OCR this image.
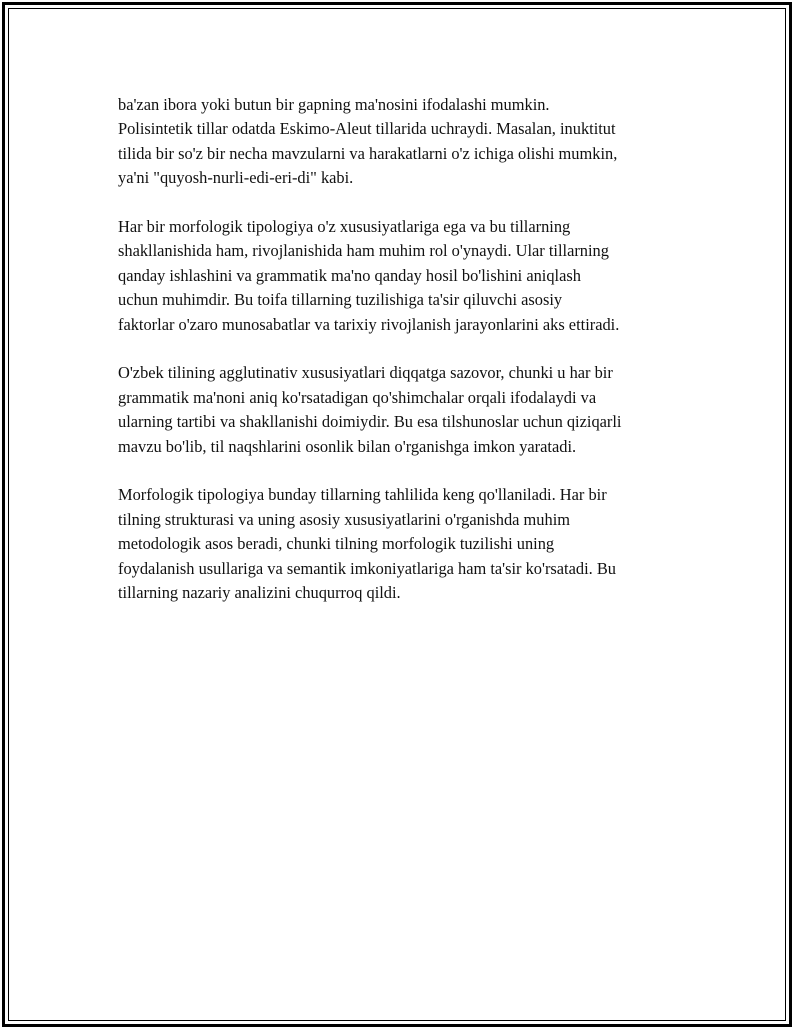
ba'zan ibora yoki butun bir gapning ma'nosini ifodalashi mumkin.
Polisintetik tillar odatda Eskimo-Aleut tillarida uchraydi. Masalan, inuktitut
tilida bir so'z bir necha mavzularni va harakatlarni o'z ichiga olishi mumkin,
ya'ni "quyosh-nurli-edi-eri-di" kabi.

Har bir morfologik tipologiya o'z xususiyatlariga ega va bu tillarning
shakllanishida ham, rivojlanishida ham muhim rol o'ynaydi. Ular tillarning
qanday ishlashini va grammatik ma'no qanday hosil bo'lishini aniqlash
uchun muhimdir. Bu toifa tillarning tuzilishiga ta'sir qiluvchi asosiy
faktorlar o'zaro munosabatlar va tarixiy rivojlanish jarayonlarini aks ettiradi.

O'zbek tilining agglutinativ xususiyatlari diqqatga sazovor, chunki u har bir
grammatik ma'noni aniq ko'rsatadigan qo'shimchalar orqali ifodalaydi va
ularning tartibi va shakllanishi doimiydir. Bu esa tilshunoslar uchun qiziqarli
mavzu bo'lib, til naqshlarini osonlik bilan o'rganishga imkon yaratadi.

Morfologik tipologiya bunday tillarning tahlilida keng qo'llaniladi. Har bir
tilning strukturasi va uning asosiy xususiyatlarini o'rganishda muhim
metodologik asos beradi, chunki tilning morfologik tuzilishi uning
foydalanish usullariga va semantik imkoniyatlariga ham ta'sir ko'rsatadi. Bu
tillarning nazariy analizini chuqurroq qildi.
